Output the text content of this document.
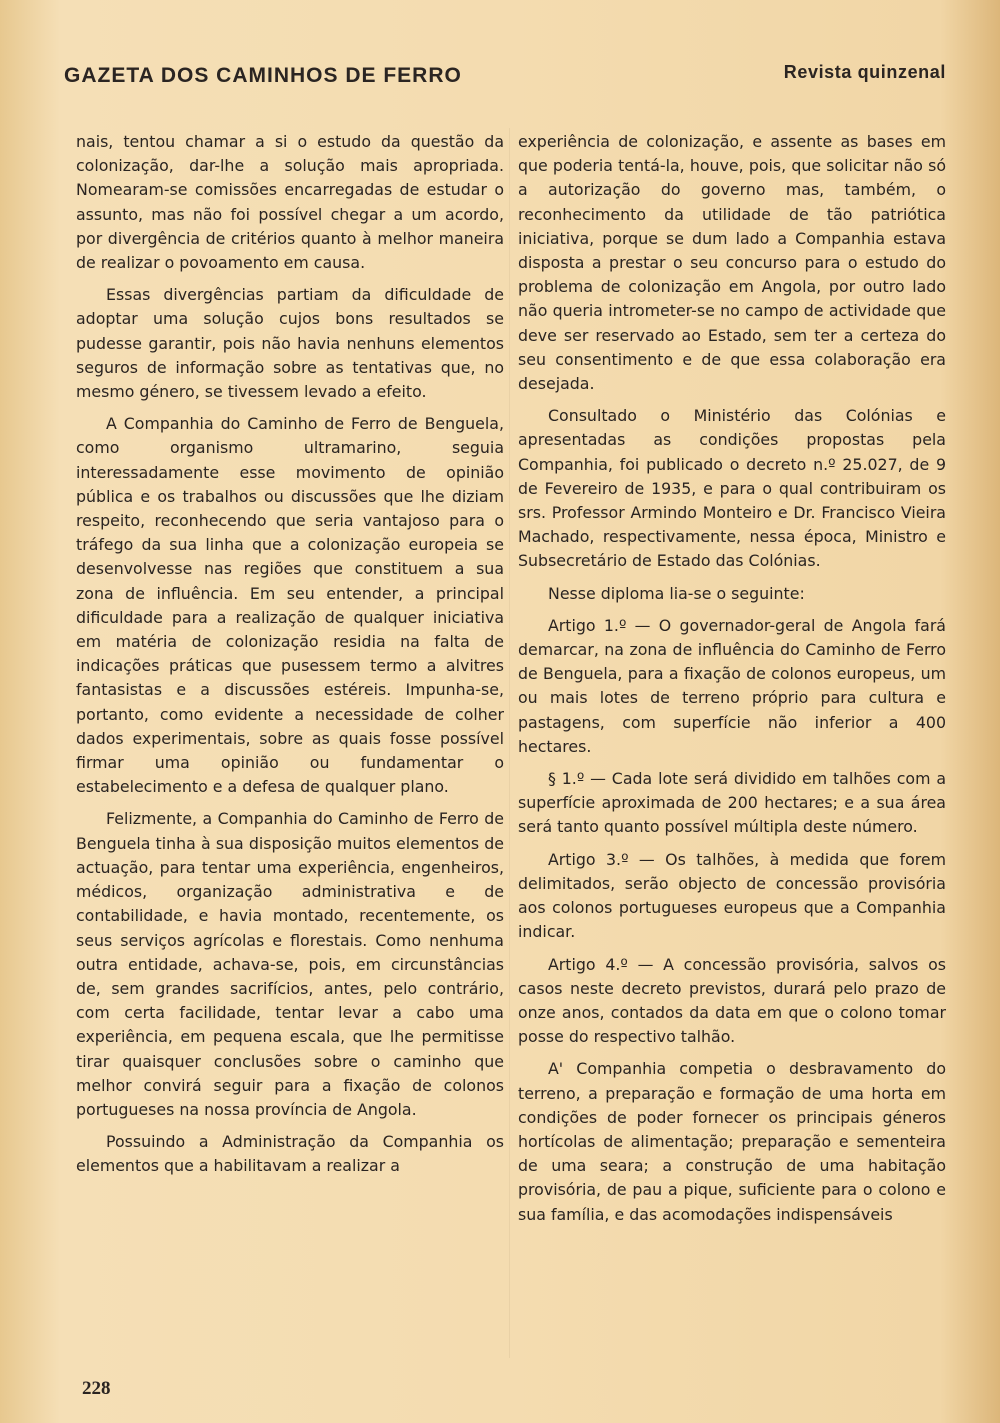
GAZETA DOS CAMINHOS DE FERRO	Revista quinzenal

nais, tentou chamar a si o estudo da questão da colonização, dar-lhe a solução mais apropriada. Nomearam-se comissões encarregadas de estudar o assunto, mas não foi possível chegar a um acordo, por divergência de critérios quanto à melhor maneira de realizar o povoamento em causa.

Essas divergências partiam da dificuldade de adoptar uma solução cujos bons resultados se pudesse garantir, pois não havia nenhuns elementos seguros de informação sobre as tentativas que, no mesmo género, se tivessem levado a efeito.

A Companhia do Caminho de Ferro de Benguela, como organismo ultramarino, seguia interessadamente esse movimento de opinião pública e os trabalhos ou discussões que lhe diziam respeito, reconhecendo que seria vantajoso para o tráfego da sua linha que a colonização europeia se desenvolvesse nas regiões que constituem a sua zona de influência. Em seu entender, a principal dificuldade para a realização de qualquer iniciativa em matéria de colonização residia na falta de indicações práticas que pusessem termo a alvitres fantasistas e a discussões estéreis. Impunha-se, portanto, como evidente a necessidade de colher dados experimentais, sobre as quais fosse possível firmar uma opinião ou fundamentar o estabelecimento e a defesa de qualquer plano.

Felizmente, a Companhia do Caminho de Ferro de Benguela tinha à sua disposição muitos elementos de actuação, para tentar uma experiência, engenheiros, médicos, organização administrativa e de contabilidade, e havia montado, recentemente, os seus serviços agrícolas e florestais. Como nenhuma outra entidade, achava-se, pois, em circunstâncias de, sem grandes sacrifícios, antes, pelo contrário, com certa facilidade, tentar levar a cabo uma experiência, em pequena escala, que lhe permitisse tirar quaisquer conclusões sobre o caminho que melhor convirá seguir para a fixação de colonos portugueses na nossa província de Angola.

Possuindo a Administração da Companhia os elementos que a habilitavam a realizar a

experiência de colonização, e assente as bases em que poderia tentá-la, houve, pois, que solicitar não só a autorização do governo mas, também, o reconhecimento da utilidade de tão patriótica iniciativa, porque se dum lado a Companhia estava disposta a prestar o seu concurso para o estudo do problema de colonização em Angola, por outro lado não queria intrometer-se no campo de actividade que deve ser reservado ao Estado, sem ter a certeza do seu consentimento e de que essa colaboração era desejada.

Consultado o Ministério das Colónias e apresentadas as condições propostas pela Companhia, foi publicado o decreto n.º 25.027, de 9 de Fevereiro de 1935, e para o qual contribuiram os srs. Professor Armindo Monteiro e Dr. Francisco Vieira Machado, respectivamente, nessa época, Ministro e Subsecretário de Estado das Colónias.

Nesse diploma lia-se o seguinte:

Artigo 1.º — O governador-geral de Angola fará demarcar, na zona de influência do Caminho de Ferro de Benguela, para a fixação de colonos europeus, um ou mais lotes de terreno próprio para cultura e pastagens, com superfície não inferior a 400 hectares.

§ 1.º — Cada lote será dividido em talhões com a superfície aproximada de 200 hectares; e a sua área será tanto quanto possível múltipla deste número.

Artigo 3.º — Os talhões, à medida que forem delimitados, serão objecto de concessão provisória aos colonos portugueses europeus que a Companhia indicar.

Artigo 4.º — A concessão provisória, salvos os casos neste decreto previstos, durará pelo prazo de onze anos, contados da data em que o colono tomar posse do respectivo talhão.

A' Companhia competia o desbravamento do terreno, a preparação e formação de uma horta em condições de poder fornecer os principais géneros hortícolas de alimentação; preparação e sementeira de uma seara; a construção de uma habitação provisória, de pau a pique, suficiente para o colono e sua família, e das acomodações indispensáveis

228
